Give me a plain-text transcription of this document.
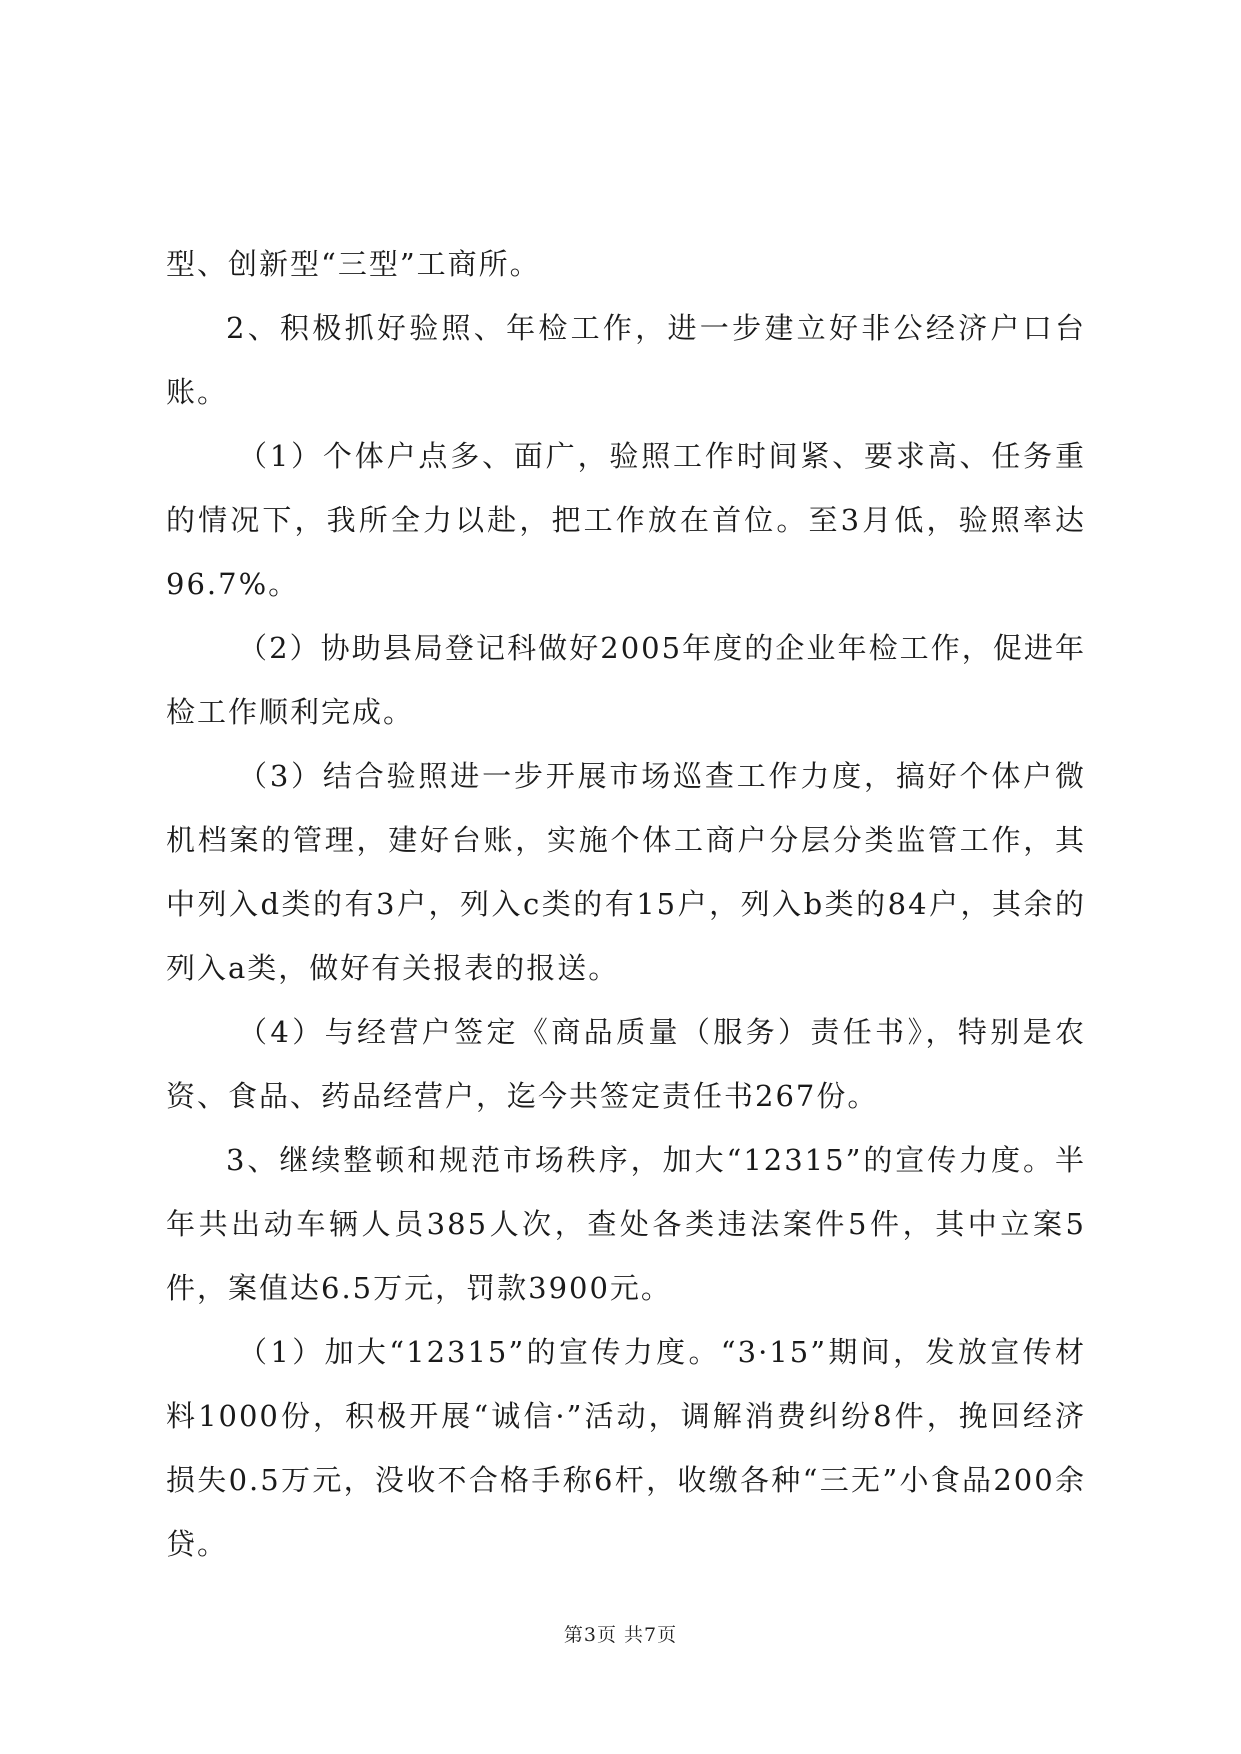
型、创新型“三型”工商所。

2、积极抓好验照、年检工作，进一步建立好非公经济户口台账。

（1）个体户点多、面广，验照工作时间紧、要求高、任务重的情况下，我所全力以赴，把工作放在首位。至3月低，验照率达96.7%。

（2）协助县局登记科做好2005年度的企业年检工作，促进年检工作顺利完成。

（3）结合验照进一步开展市场巡查工作力度，搞好个体户微机档案的管理，建好台账，实施个体工商户分层分类监管工作，其中列入d类的有3户，列入c类的有15户，列入b类的84户，其余的列入a类，做好有关报表的报送。

（4）与经营户签定《商品质量（服务）责任书》，特别是农资、食品、药品经营户，迄今共签定责任书267份。

3、继续整顿和规范市场秩序，加大“12315”的宣传力度。半年共出动车辆人员385人次，查处各类违法案件5件，其中立案5件，案值达6.5万元，罚款3900元。

（1）加大“12315”的宣传力度。“3·15”期间，发放宣传材料1000份，积极开展“诚信·”活动，调解消费纠纷8件，挽回经济损失0.5万元，没收不合格手称6杆，收缴各种“三无”小食品200余贷。

第3页 共7页
